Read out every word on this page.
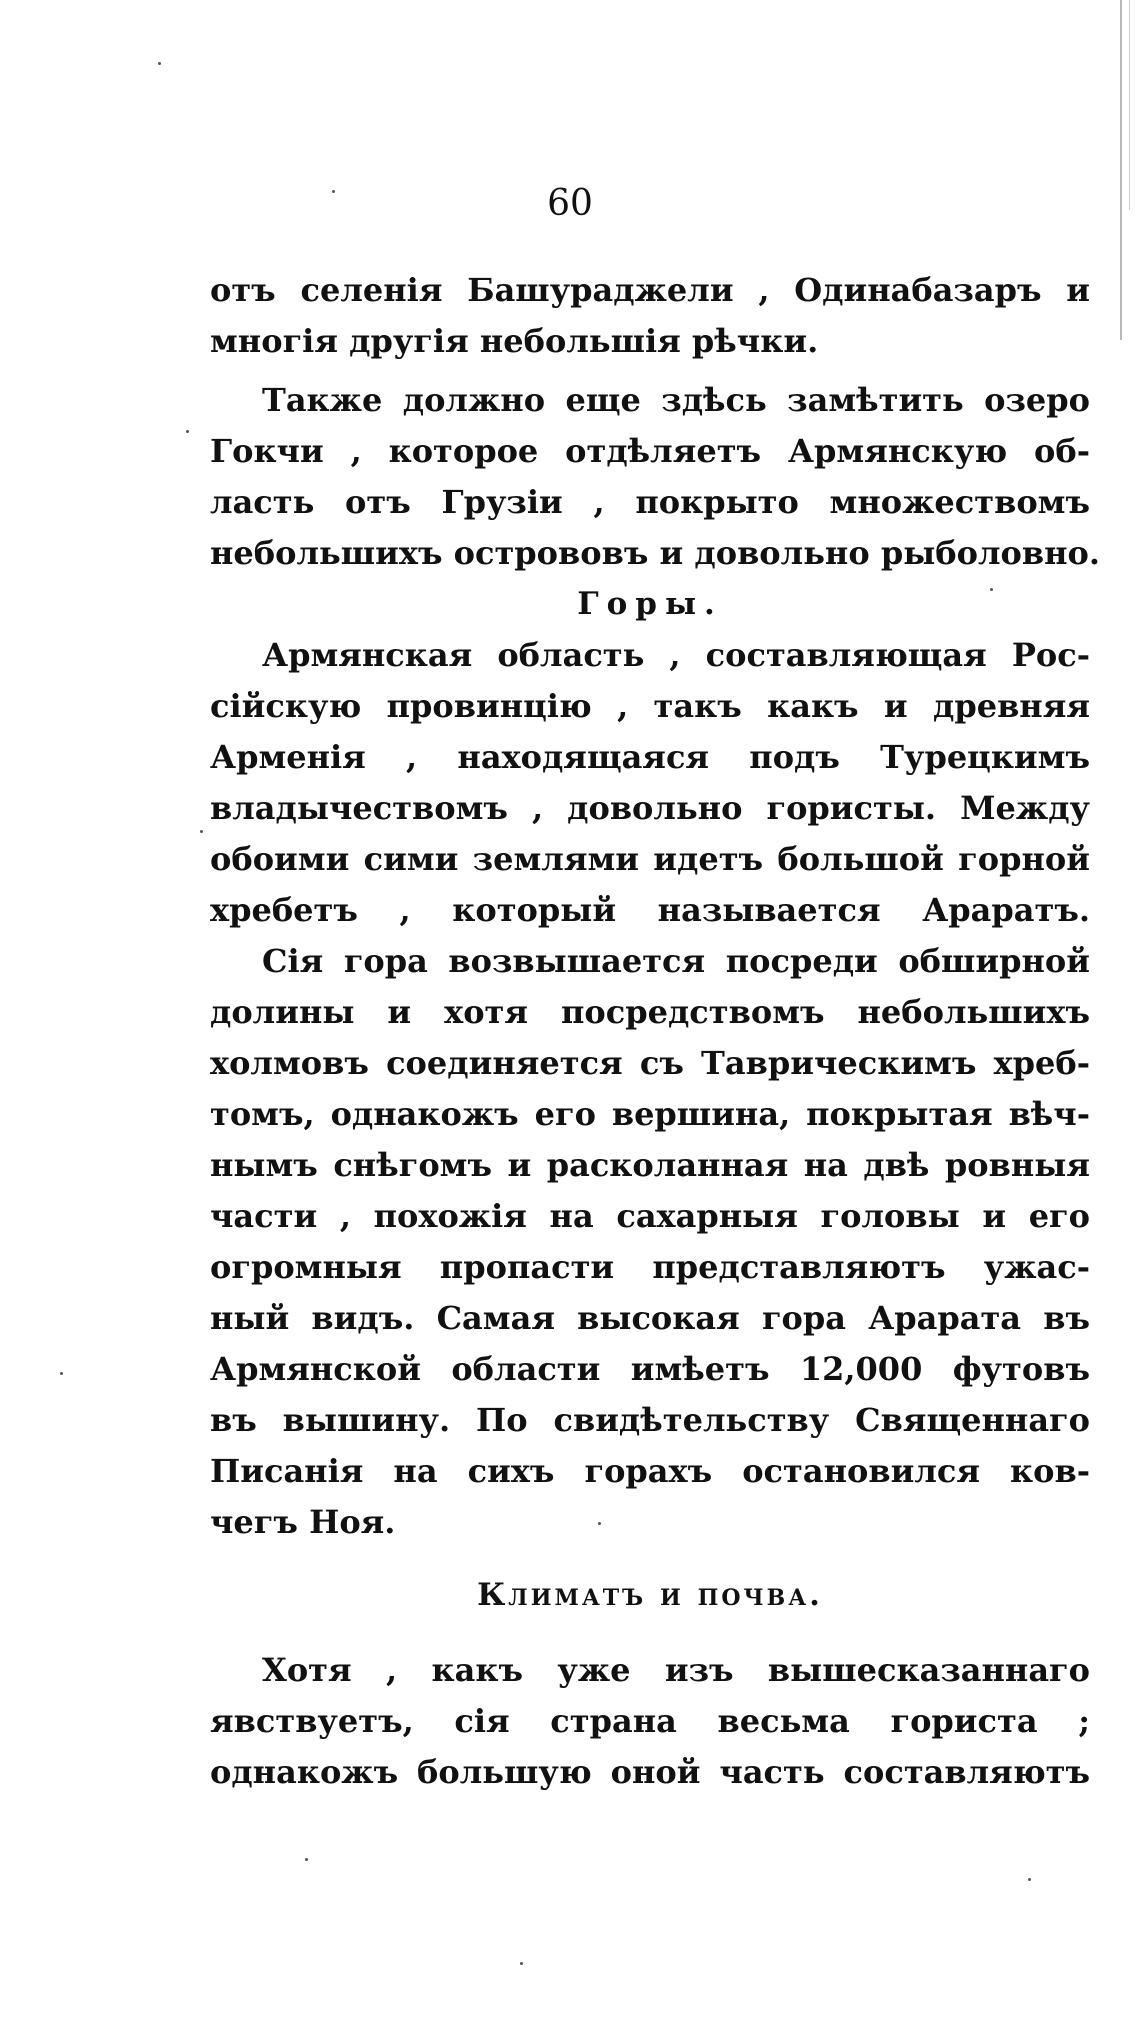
60

отъ селенія Башураджели , Одинабазаръ и
многія другія небольшія рѣчки.

Также должно еще здѣсь замѣтить озеро
Гокчи , которое отдѣляетъ Армянскую об-
ласть отъ Грузіи , покрыто множествомъ
небольшихъ острововъ и довольно рыболовно.

Горы.

Армянская область , составляющая Рос-
сійскую провинцію , такъ какъ и древняя
Арменія , находящаяся подъ Турецкимъ
владычествомъ , довольно гористы. Между
обоими сими землями идетъ большой горной
хребетъ , который называется Араратъ.

Сія гора возвышается посреди обширной
долины и хотя посредствомъ небольшихъ
холмовъ соединяется съ Таврическимъ хреб-
томъ, однакожъ его вершина, покрытая вѣч-
нымъ снѣгомъ и расколанная на двѣ ровныя
части , похожія на сахарныя головы и его
огромныя пропасти представляютъ ужас-
ный видъ. Самая высокая гора Арарата въ
Армянской области имѣетъ 12,000 футовъ
въ вышину. По свидѣтельству Священнаго
Писанія на сихъ горахъ остановился ков-
чегъ Ноя.

Климатъ и почва.

Хотя , какъ уже изъ вышесказаннаго
явствуетъ, сія страна весьма гориста ;
однакожъ большую оной часть составляютъ
